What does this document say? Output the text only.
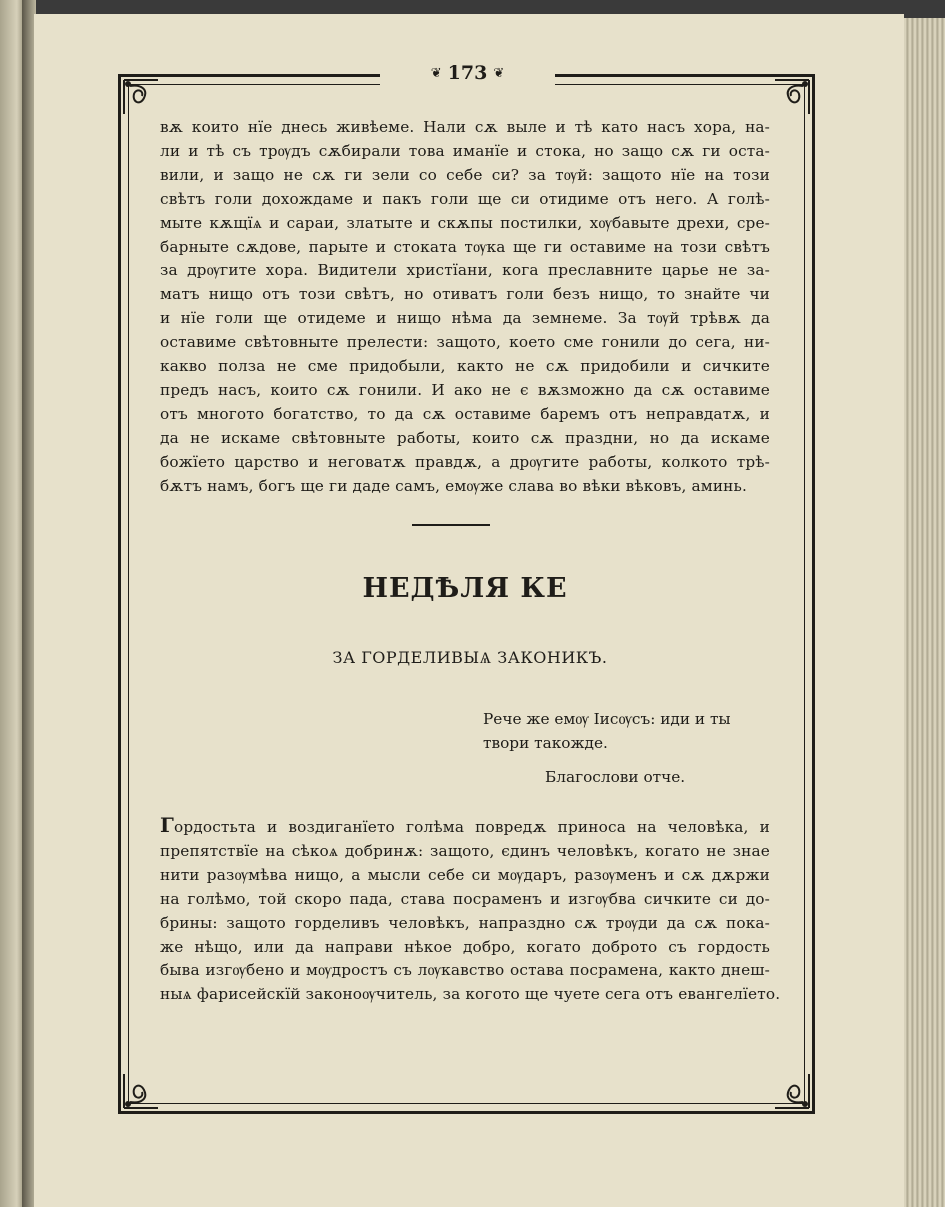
❦ 173 ❦

вѫ които нїе днесь живѣеме. Нали сѫ выле и тѣ като насъ хора, на-

ли и тѣ съ трѹдъ сѫбирали това иманїе и стока, но защо сѫ ги оста-

вили, и защо не сѫ ги зели со себе си? за тѹй: защото нїе на този

свѣтъ голи дохождаме и пакъ голи ще си отидиме отъ него. А голѣ-

мыте кѫщїѧ и сараи, златыте и скѫпы постилки, хѹбавыте дрехи, сре-

барныте сѫдове, парыте и стоката тѹка ще ги оставиме на този свѣтъ

за дрѹгите хора. Видители христїани, кога преславните царье не за-

матъ нищо отъ този свѣтъ, но отиватъ голи безъ нищо, то знайте чи

и нїе голи ще отидеме и нищо нѣма да земнеме. За тѹй трѣвѫ да

оставиме свѣтовныте прелести: защото, което сме гонили до сега, ни-

какво полза не сме придобыли, както не сѫ придобили и сичките

предъ насъ, които сѫ гонили. И ако не є вѫзможно да сѫ оставиме

отъ многото богатство, то да сѫ оставиме баремъ отъ неправдатѫ, и

да не искаме свѣтовныте работы, които сѫ праздни, но да искаме

божїето царство и неговатѫ правдѫ, а дрѹгите работы, колкото трѣ-

бѫтъ намъ, богъ ще ги даде самъ, емѹже слава во вѣки вѣковъ, аминь.

НЕДѢЛЯ КЕ
ЗА ГОРДЕЛИВЫѦ ЗАКОНИКЪ.

Рече же емѹ Іисѹсъ: иди и ты

твори такожде.

Благослови отче.

Гордостьта и воздиганїето голѣма повредѫ приноса на человѣка, и

препятствїе на сѣкоѧ добринѫ: защото, єдинъ человѣкъ, когато не знае

нити разѹмѣва нищо, а мысли себе си мѹдаръ, разѹменъ и сѫ дѫржи

на голѣмо, той скоро пада, става посраменъ и изгѹбва сичките си до-

брины: защото горделивъ человѣкъ, напраздно сѫ трѹди да сѫ пока-

же нѣщо, или да направи нѣкое добро, когато доброто съ гордость

быва изгѹбено и мѹдростъ съ лѹкавство остава посрамена, както днеш-

ныѧ фарисейскїй законоѹчитель, за когото ще чуете сега отъ евангелїето.
